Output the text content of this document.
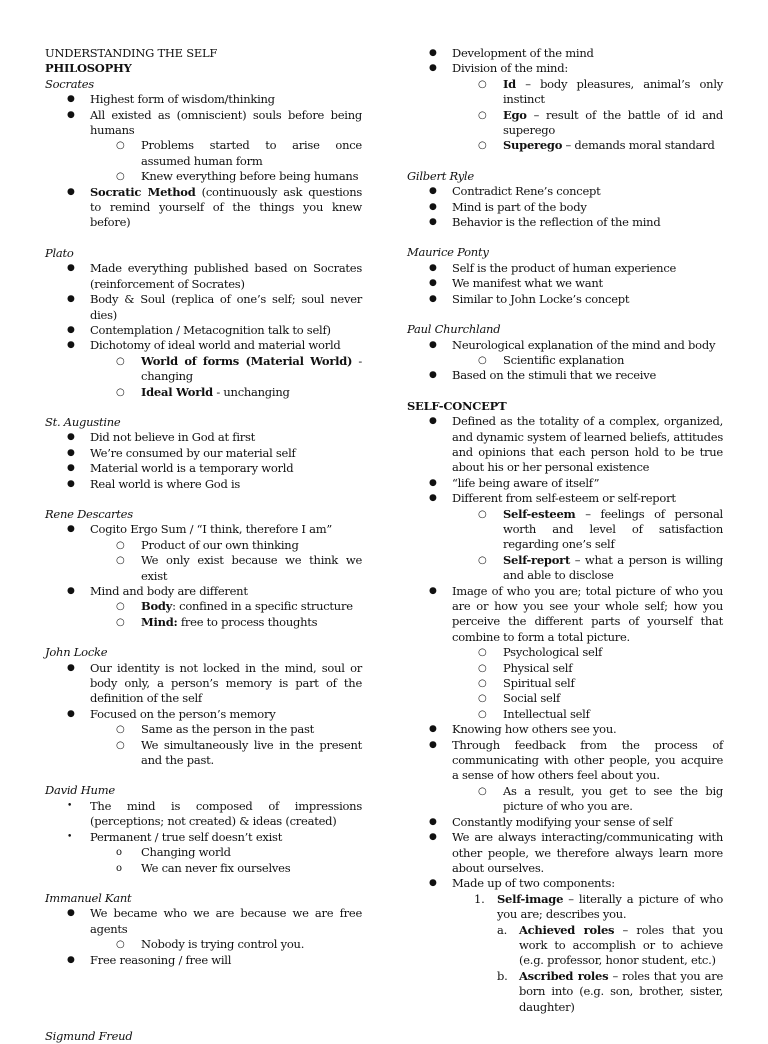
UNDERSTANDING THE SELF

PHILOSOPHY

Socrates

● Highest form of wisdom/thinking
● All existed as (omniscient) souls before being humans
○ Problems started to arise once assumed human form
○ Knew everything before being humans
● Socratic Method (continuously ask questions to remind yourself of the things you knew before)

Plato

● Made everything published based on Socrates (reinforcement of Socrates)
● Body & Soul (replica of one’s self; soul never dies)
● Contemplation / Metacognition talk to self)
● Dichotomy of ideal world and material world
○ World of forms (Material World) - changing
○ Ideal World - unchanging

St. Augustine

● Did not believe in God at first
● We’re consumed by our material self
● Material world is a temporary world
● Real world is where God is

Rene Descartes

● Cogito Ergo Sum / “I think, therefore I am”
○ Product of our own thinking
○ We only exist because we think we exist
● Mind and body are different
○ Body: confined in a specific structure
○ Mind: free to process thoughts

John Locke

● Our identity is not locked in the mind, soul or body only, a person’s memory is part of the definition of the self
● Focused on the person’s memory
○ Same as the person in the past
○ We simultaneously live in the present and the past.

David Hume

• The mind is composed of impressions (perceptions; not created) & ideas (created)
• Permanent / true self doesn’t exist
o Changing world
o We can never fix ourselves

Immanuel Kant

● We became who we are because we are free agents
○ Nobody is trying control you.
● Free reasoning / free will

Sigmund Freud

● Development of the mind
● Division of the mind:
○ Id – body pleasures, animal’s only instinct
○ Ego – result of the battle of id and superego
○ Superego – demands moral standard

Gilbert Ryle

● Contradict Rene’s concept
● Mind is part of the body
● Behavior is the reflection of the mind

Maurice Ponty

● Self is the product of human experience
● We manifest what we want
● Similar to John Locke’s concept

Paul Churchland

● Neurological explanation of the mind and body
○ Scientific explanation
● Based on the stimuli that we receive

SELF-CONCEPT

● Defined as the totality of a complex, organized, and dynamic system of learned beliefs, attitudes and opinions that each person hold to be true about his or her personal existence
● “life being aware of itself”
● Different from self-esteem or self-report
○ Self-esteem – feelings of personal worth and level of satisfaction regarding one’s self
○ Self-report – what a person is willing and able to disclose
● Image of who you are; total picture of who you are or how you see your whole self; how you perceive the different parts of yourself that combine to form a total picture.
○ Psychological self
○ Physical self
○ Spiritual self
○ Social self
○ Intellectual self
● Knowing how others see you.
● Through feedback from the process of communicating with other people, you acquire a sense of how others feel about you.
○ As a result, you get to see the big picture of who you are.
● Constantly modifying your sense of self
● We are always interacting/communicating with other people, we therefore always learn more about ourselves.
● Made up of two components:
1. Self-image – literally a picture of who you are; describes you.
a. Achieved roles – roles that you work to accomplish or to achieve (e.g. professor, honor student, etc.)
b. Ascribed roles – roles that you are born into (e.g. son, brother, sister, daughter)
